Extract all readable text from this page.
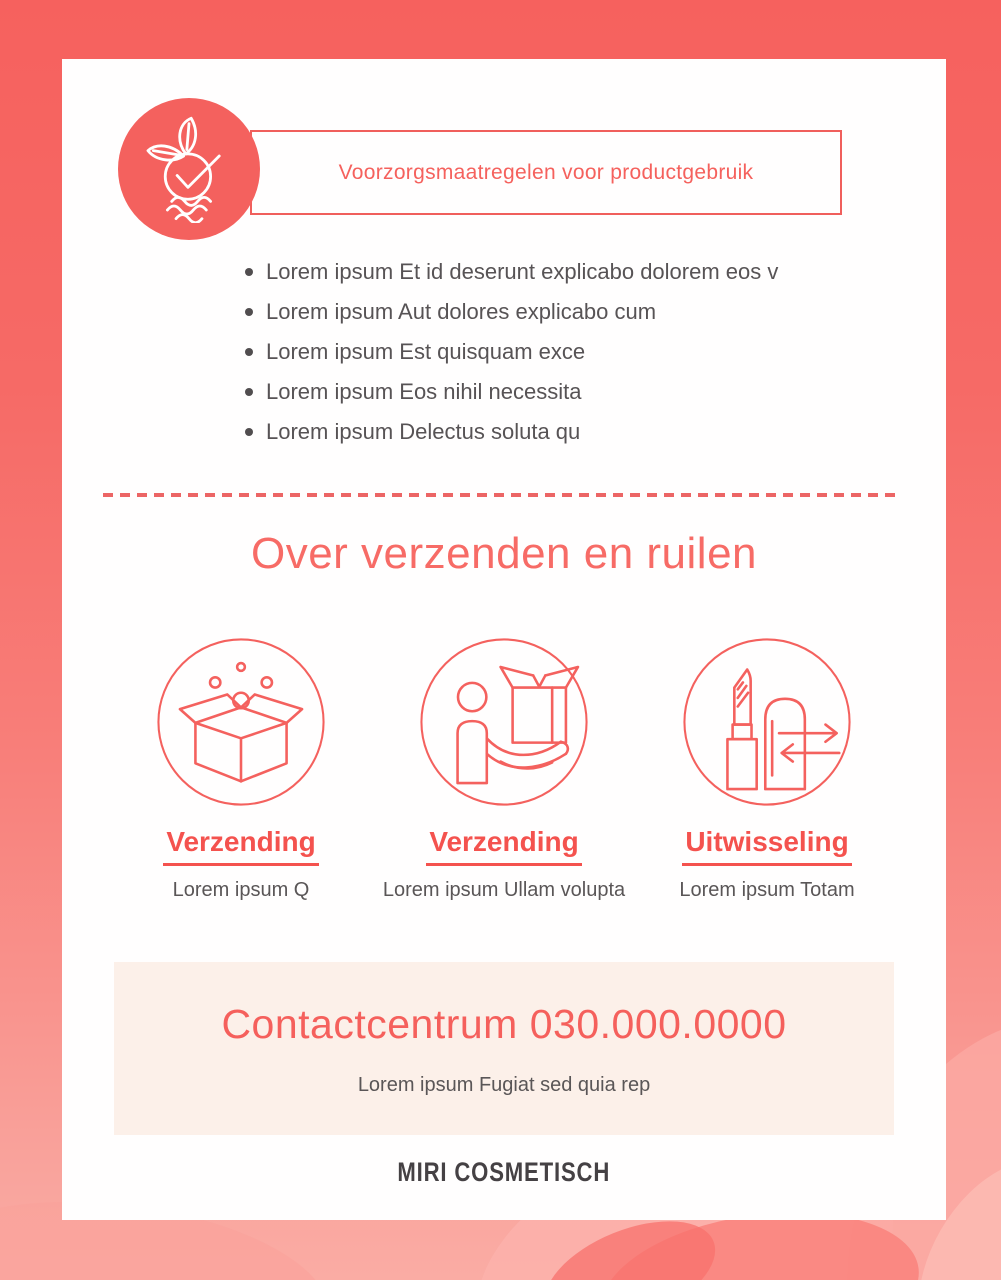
Voorzorgsmaatregelen voor productgebruik
Lorem ipsum Et id deserunt explicabo dolorem eos v
Lorem ipsum Aut dolores explicabo cum
Lorem ipsum Est quisquam exce
Lorem ipsum Eos nihil necessita
Lorem ipsum Delectus soluta qu
Over verzenden en ruilen
Verzending
Lorem ipsum Q
Verzending
Lorem ipsum Ullam volupta
Uitwisseling
Lorem ipsum Totam
Contactcentrum 030.000.0000
Lorem ipsum Fugiat sed quia rep
MIRI COSMETISCH
